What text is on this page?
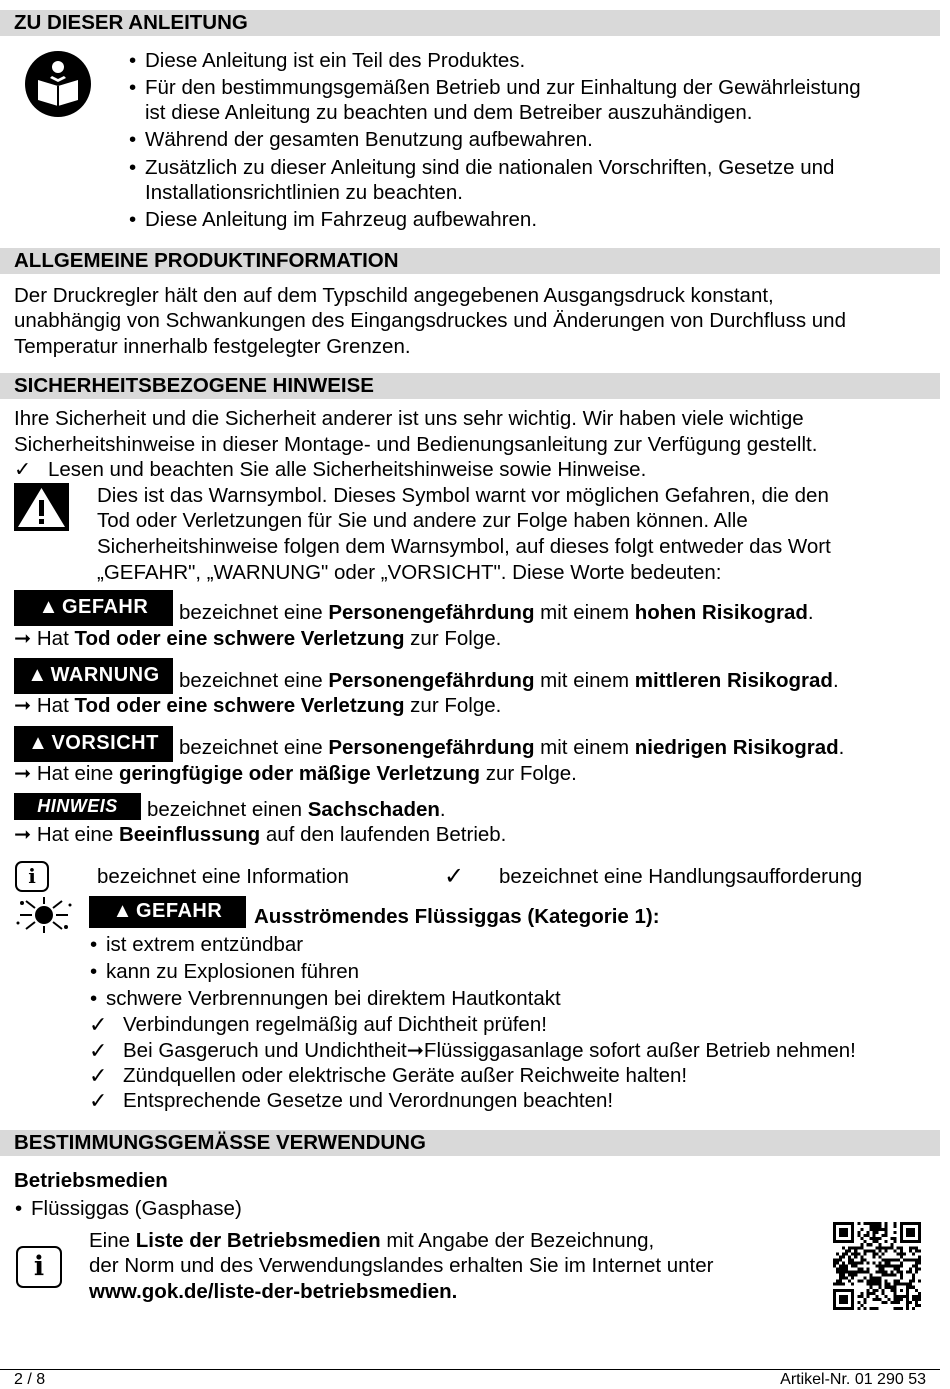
ZU DIESER ANLEITUNG
• Diese Anleitung ist ein Teil des Produktes.
• Für den bestimmungsgemäßen Betrieb und zur Einhaltung der Gewährleistung
ist diese Anleitung zu beachten und dem Betreiber auszuhändigen.
• Während der gesamten Benutzung aufbewahren.
• Zusätzlich zu dieser Anleitung sind die nationalen Vorschriften, Gesetze und
Installationsrichtlinien zu beachten.
• Diese Anleitung im Fahrzeug aufbewahren.
ALLGEMEINE PRODUKTINFORMATION
Der Druckregler hält den auf dem Typschild angegebenen Ausgangsdruck konstant,
unabhängig von Schwankungen des Eingangsdruckes und Änderungen von Durchfluss und
Temperatur innerhalb festgelegter Grenzen.
SICHERHEITSBEZOGENE HINWEISE
Ihre Sicherheit und die Sicherheit anderer ist uns sehr wichtig. Wir haben viele wichtige
Sicherheitshinweise in dieser Montage- und Bedienungsanleitung zur Verfügung gestellt.
✓ Lesen und beachten Sie alle Sicherheitshinweise sowie Hinweise.
Dies ist das Warnsymbol. Dieses Symbol warnt vor möglichen Gefahren, die den
Tod oder Verletzungen für Sie und andere zur Folge haben können. Alle
Sicherheitshinweise folgen dem Warnsymbol, auf dieses folgt entweder das Wort
„GEFAHR", „WARNUNG" oder „VORSICHT". Diese Worte bedeuten:
▲ GEFAHR bezeichnet eine Personengefährdung mit einem hohen Risikograd.
➞ Hat Tod oder eine schwere Verletzung zur Folge.
▲ WARNUNG bezeichnet eine Personengefährdung mit einem mittleren Risikograd.
➞ Hat Tod oder eine schwere Verletzung zur Folge.
▲ VORSICHT bezeichnet eine Personengefährdung mit einem niedrigen Risikograd.
➞ Hat eine geringfügige oder mäßige Verletzung zur Folge.
HINWEIS	bezeichnet einen Sachschaden.
➞ Hat eine Beeinflussung auf den laufenden Betrieb.
i	bezeichnet eine Information	✓ bezeichnet eine Handlungsaufforderung
▲ GEFAHR Ausströmendes Flüssiggas (Kategorie 1):
• ist extrem entzündbar
• kann zu Explosionen führen
• schwere Verbrennungen bei direktem Hautkontakt
✓ Verbindungen regelmäßig auf Dichtheit prüfen!
✓ Bei Gasgeruch und Undichtheit➞Flüssiggasanlage sofort außer Betrieb nehmen!
✓ Zündquellen oder elektrische Geräte außer Reichweite halten!
✓ Entsprechende Gesetze und Verordnungen beachten!
BESTIMMUNGSGEMÄSSE VERWENDUNG
Betriebsmedien
• Flüssiggas (Gasphase)
i
Eine Liste der Betriebsmedien mit Angabe der Bezeichnung,
der Norm und des Verwendungslandes erhalten Sie im Internet unter
www.gok.de/liste-der-betriebsmedien.
2 / 8	Artikel-Nr. 01 290 53
